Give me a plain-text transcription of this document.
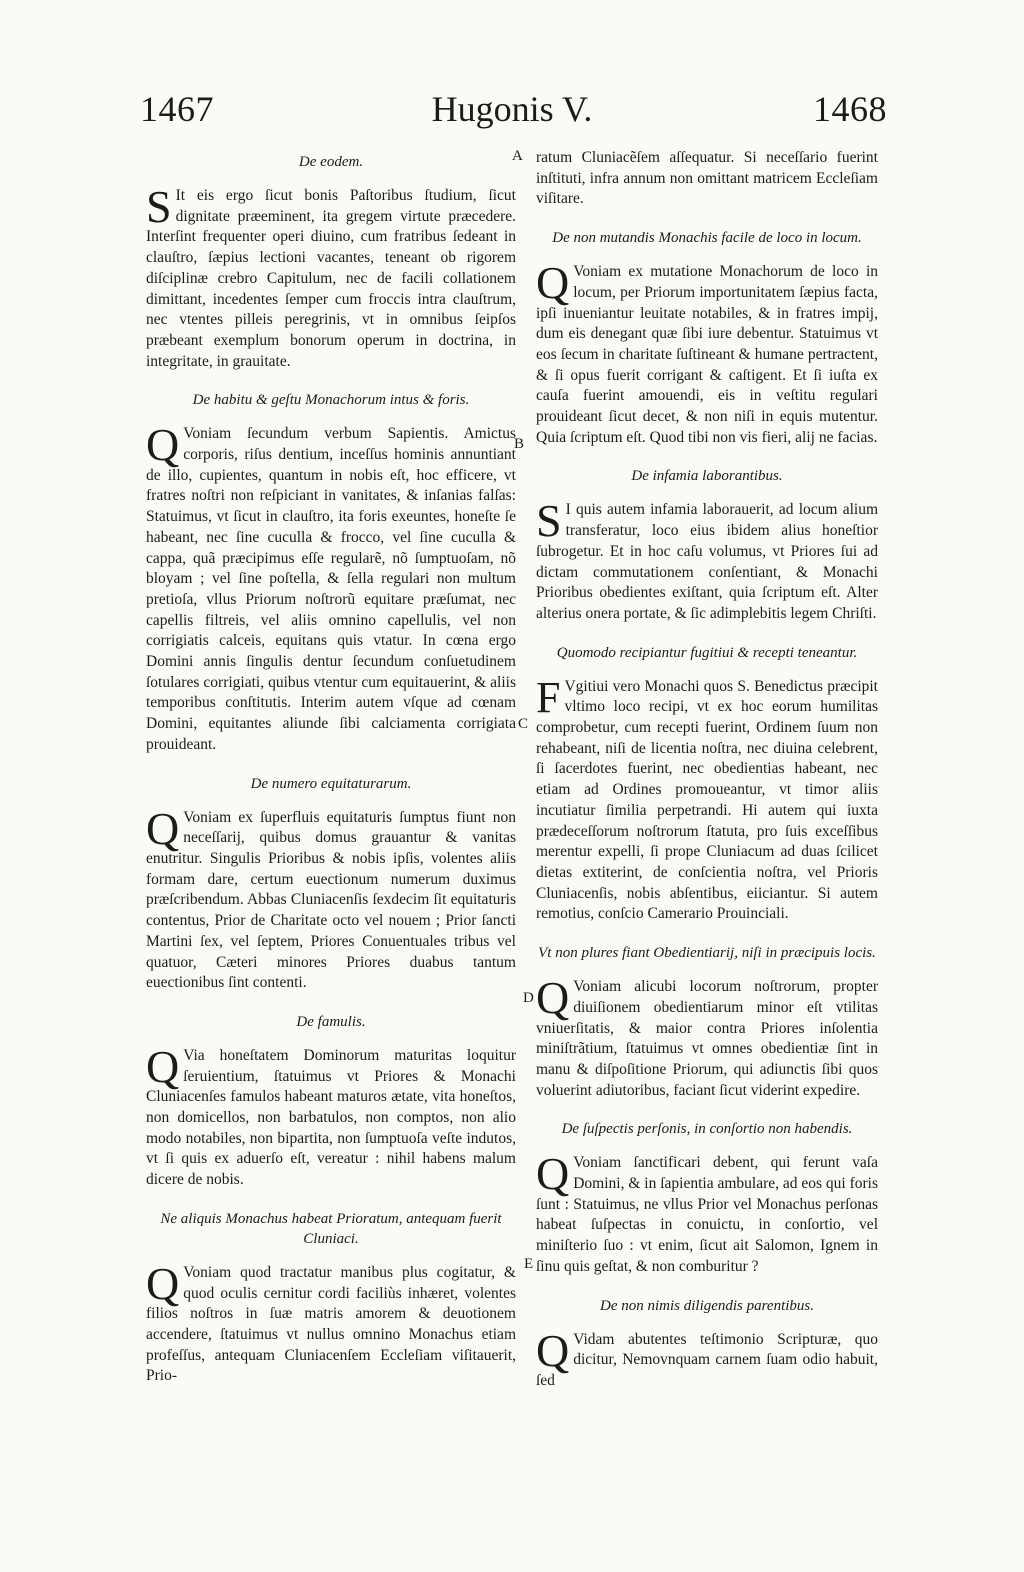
1467	Hugonis V.	1468
A
B
C
D
E
De eodem.

S It eis ergo ſicut bonis Paſtoribus ſtudium, ſicut dignitate præeminent, ita gregem virtute præcedere. Interſint frequenter operi diuino, cum fratribus ſedeant in clauſtro, ſæpius lectioni vacantes, teneant ob rigorem diſciplinæ crebro Capitulum, nec de facili collationem dimittant, incedentes ſemper cum froccis intra clauſtrum, nec vtentes pilleis peregrinis, vt in omnibus ſeipſos præbeant exemplum bonorum operum in doctrina, in integritate, in grauitate.

De habitu & geſtu Monachorum intus & foris.

Q Voniam ſecundum verbum Sapientis. Amictus corporis, riſus dentium, inceſſus hominis annuntiant de illo, cupientes, quantum in nobis eſt, hoc efficere, vt fratres noſtri non reſpiciant in vanitates, & inſanias falſas: Statuimus, vt ſicut in clauſtro, ita foris exeuntes, honeſte ſe habeant, nec ſine cuculla & frocco, vel ſine cuculla & cappa, quã præcipimus eſſe regularẽ, nõ ſumptuoſam, nõ bloyam ; vel ſine poſtella, & ſella regulari non multum pretioſa, vllus Priorum noſtrorũ equitare præſumat, nec capellis filtreis, vel aliis omnino capellulis, vel non corrigiatis calceis, equitans quis vtatur. In cœna ergo Domini annis ſingulis dentur ſecundum conſuetudinem ſotulares corrigiati, quibus vtentur cum equitauerint, & aliis temporibus conſtitutis. Interim autem vſque ad cœnam Domini, equitantes aliunde ſibi calciamenta corrigiata prouideant.

De numero equitaturarum.

Q Voniam ex ſuperfluis equitaturis ſumptus fiunt non neceſſarij, quibus domus grauantur & vanitas enutritur. Singulis Prioribus & nobis ipſis, volentes aliis formam dare, certum euectionum numerum duximus præſcribendum. Abbas Cluniacenſis ſexdecim ſit equitaturis contentus, Prior de Charitate octo vel nouem ; Prior ſancti Martini ſex, vel ſeptem, Priores Conuentuales tribus vel quatuor, Cæteri minores Priores duabus tantum euectionibus ſint contenti.

De famulis.

Q Via honeſtatem Dominorum maturitas loquitur ſeruientium, ſtatuimus vt Priores & Monachi Cluniacenſes famulos habeant maturos ætate, vita honeſtos, non domicellos, non barbatulos, non comptos, non alio modo notabiles, non bipartita, non ſumptuoſa veſte indutos, vt ſi quis ex aduerſo eſt, vereatur : nihil habens malum dicere de nobis.

Ne aliquis Monachus habeat Prioratum, antequam fuerit Cluniaci.

Q Voniam quod tractatur manibus plus cogitatur, & quod oculis cernitur cordi faciliùs inhæret, volentes filios noſtros in ſuæ matris amorem & deuotionem accendere, ſtatuimus vt nullus omnino Monachus etiam profeſſus, antequam Cluniacenſem Eccleſiam viſitauerit, Prio-

ratum Cluniacẽſem aſſequatur. Si neceſſario fuerint inſtituti, infra annum non omittant matricem Eccleſiam viſitare.

De non mutandis Monachis facile de loco in locum.

Q Voniam ex mutatione Monachorum de loco in locum, per Priorum importunitatem ſæpius facta, ipſi inueniantur leuitate notabiles, & in fratres impij, dum eis denegant quæ ſibi iure debentur. Statuimus vt eos ſecum in charitate ſuſtineant & humane pertractent, & ſi opus fuerit corrigant & caſtigent. Et ſi iuſta ex cauſa fuerint amouendi, eis in veſtitu regulari prouideant ſicut decet, & non niſi in equis mutentur. Quia ſcriptum eſt. Quod tibi non vis fieri, alij ne facias.

De infamia laborantibus.

S I quis autem infamia laborauerit, ad locum alium transferatur, loco eius ibidem alius honeſtior ſubrogetur. Et in hoc caſu volumus, vt Priores ſui ad dictam commutationem conſentiant, & Monachi Prioribus obedientes exiſtant, quia ſcriptum eſt. Alter alterius onera portate, & ſic adimplebitis legem Chriſti.

Quomodo recipiantur fugitiui & recepti teneantur.

F Vgitiui vero Monachi quos S. Benedictus præcipit vltimo loco recipi, vt ex hoc eorum humilitas comprobetur, cum recepti fuerint, Ordinem ſuum non rehabeant, niſi de licentia noſtra, nec diuina celebrent, ſi ſacerdotes fuerint, nec obedientias habeant, nec etiam ad Ordines promoueantur, vt timor aliis incutiatur ſimilia perpetrandi. Hi autem qui iuxta prædeceſſorum noſtrorum ſtatuta, pro ſuis exceſſibus merentur expelli, ſi prope Cluniacum ad duas ſcilicet dietas extiterint, de conſcientia noſtra, vel Prioris Cluniacenſis, nobis abſentibus, eiiciantur. Si autem remotius, conſcio Camerario Prouinciali.

Vt non plures fiant Obedientiarij, niſi in præcipuis locis.

Q Voniam alicubi locorum noſtrorum, propter diuiſionem obedientiarum minor eſt vtilitas vniuerſitatis, & maior contra Priores inſolentia miniſtrãtium, ſtatuimus vt omnes obedientiæ ſint in manu & diſpoſitione Priorum, qui adiunctis ſibi quos voluerint adiutoribus, faciant ſicut viderint expedire.

De ſuſpectis perſonis, in conſortio non habendis.

Q Voniam ſanctificari debent, qui ferunt vaſa Domini, & in ſapientia ambulare, ad eos qui foris ſunt : Statuimus, ne vllus Prior vel Monachus perſonas habeat ſuſpectas in conuictu, in conſortio, vel miniſterio ſuo : vt enim, ſicut ait Salomon, Ignem in ſinu quis geſtat, & non comburitur ?

De non nimis diligendis parentibus.

Q Vidam abutentes teſtimonio Scripturæ, quo dicitur, Nemovnquam carnem ſuam odio habuit, ſed
